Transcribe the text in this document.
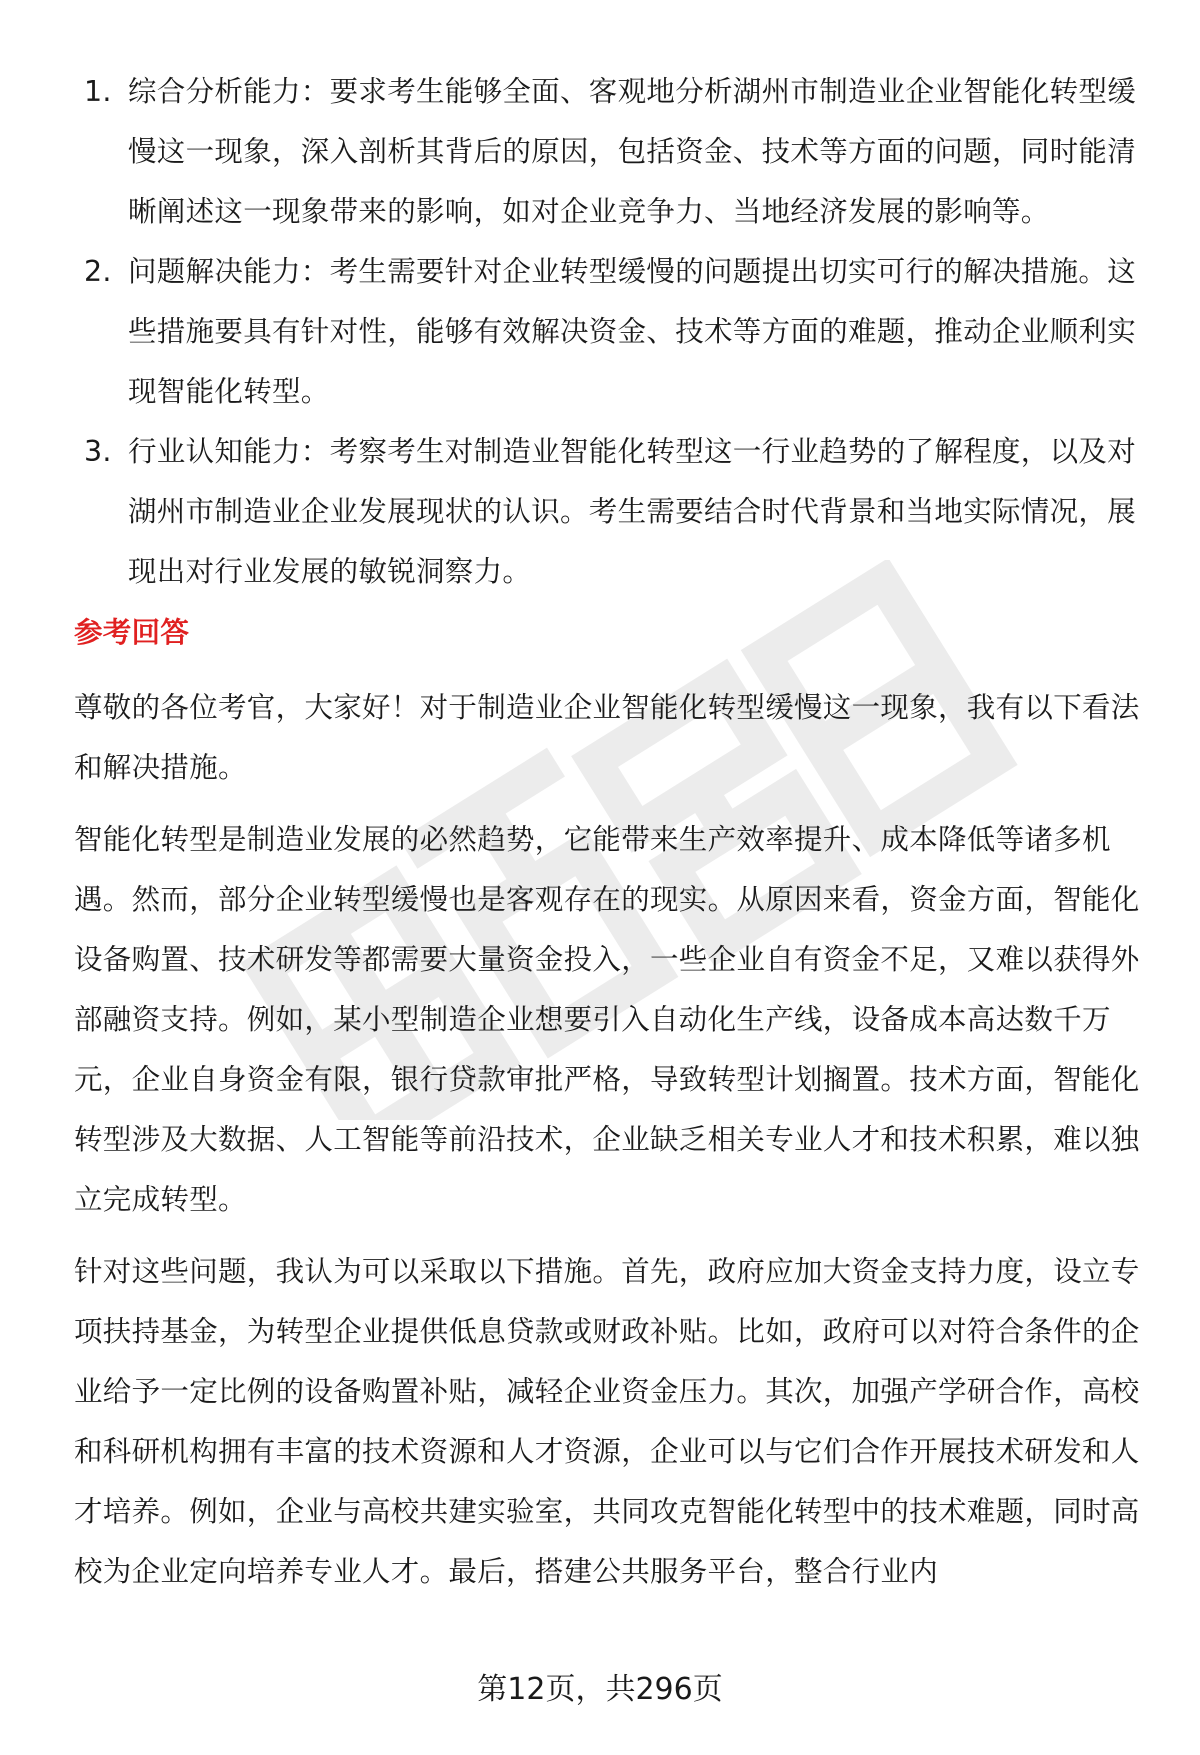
1. 综合分析能力：要求考生能够全面、客观地分析湖州市制造业企业智能化转型缓慢这一现象，深入剖析其背后的原因，包括资金、技术等方面的问题，同时能清晰阐述这一现象带来的影响，如对企业竞争力、当地经济发展的影响等。
2. 问题解决能力：考生需要针对企业转型缓慢的问题提出切实可行的解决措施。这些措施要具有针对性，能够有效解决资金、技术等方面的难题，推动企业顺利实现智能化转型。
3. 行业认知能力：考察考生对制造业智能化转型这一行业趋势的了解程度，以及对湖州市制造业企业发展现状的认识。考生需要结合时代背景和当地实际情况，展现出对行业发展的敏锐洞察力。
参考回答

尊敬的各位考官，大家好！对于制造业企业智能化转型缓慢这一现象，我有以下看法和解决措施。

智能化转型是制造业发展的必然趋势，它能带来生产效率提升、成本降低等诸多机遇。然而，部分企业转型缓慢也是客观存在的现实。从原因来看，资金方面，智能化设备购置、技术研发等都需要大量资金投入，一些企业自有资金不足，又难以获得外部融资支持。例如，某小型制造企业想要引入自动化生产线，设备成本高达数千万元，企业自身资金有限，银行贷款审批严格，导致转型计划搁置。技术方面，智能化转型涉及大数据、人工智能等前沿技术，企业缺乏相关专业人才和技术积累，难以独立完成转型。

针对这些问题，我认为可以采取以下措施。首先，政府应加大资金支持力度，设立专项扶持基金，为转型企业提供低息贷款或财政补贴。比如，政府可以对符合条件的企业给予一定比例的设备购置补贴，减轻企业资金压力。其次，加强产学研合作，高校和科研机构拥有丰富的技术资源和人才资源，企业可以与它们合作开展技术研发和人才培养。例如，企业与高校共建实验室，共同攻克智能化转型中的技术难题，同时高校为企业定向培养专业人才。最后，搭建公共服务平台，整合行业内

第12页，共296页
